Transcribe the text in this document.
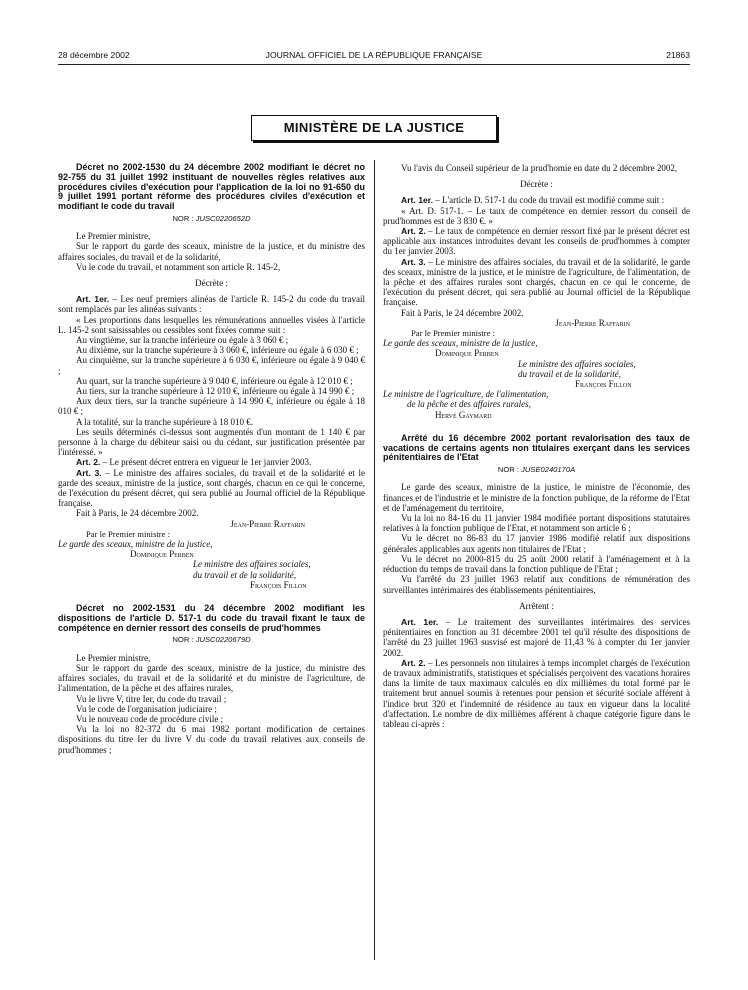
28 décembre 2002	JOURNAL OFFICIEL DE LA RÉPUBLIQUE FRANÇAISE	21863
MINISTÈRE DE LA JUSTICE

Décret no 2002-1530 du 24 décembre 2002 modifiant le décret no 92-755 du 31 juillet 1992 instituant de nouvelles règles relatives aux procédures civiles d'exécution pour l'application de la loi no 91-650 du 9 juillet 1991 portant réforme des procédures civiles d'exécution et modifiant le code du travail

NOR : JUSC0220652D

Le Premier ministre,

Sur le rapport du garde des sceaux, ministre de la justice, et du ministre des affaires sociales, du travail et de la solidarité,

Vu le code du travail, et notamment son article R. 145-2,

Décrète :

Art. 1er. – Les neuf premiers alinéas de l'article R. 145-2 du code du travail sont remplacés par les alinéas suivants :

« Les proportions dans lesquelles les rémunérations annuelles visées à l'article L. 145-2 sont saisissables ou cessibles sont fixées comme suit :

Au vingtième, sur la tranche inférieure ou égale à 3 060 € ;

Au dixième, sur la tranche supérieure à 3 060 €, inférieure ou égale à 6 030 € ;

Au cinquième, sur la tranche supérieure à 6 030 €, inférieure ou égale à 9 040 € ;

Au quart, sur la tranche supérieure à 9 040 €, inférieure ou égale à 12 010 € ;

Au tiers, sur la tranche supérieure à 12 010 €, inférieure ou égale à 14 990 € ;

Aux deux tiers, sur la tranche supérieure à 14 990 €, inférieure ou égale à 18 010 € ;

A la totalité, sur la tranche supérieure à 18 010 €.

Les seuils déterminés ci-dessus sont augmentés d'un montant de 1 140 € par personne à la charge du débiteur saisi ou du cédant, sur justification présentée par l'intéressé. »

Art. 2. – Le présent décret entrera en vigueur le 1er janvier 2003.

Art. 3. – Le ministre des affaires sociales, du travail et de la solidarité et le garde des sceaux, ministre de la justice, sont chargés, chacun en ce qui le concerne, de l'exécution du présent décret, qui sera publié au Journal officiel de la République française.

Fait à Paris, le 24 décembre 2002.

Jean-Pierre Raffarin

Par le Premier ministre :

Le garde des sceaux, ministre de la justice,

Dominique Perben

Le ministre des affaires sociales,

du travail et de la solidarité,

François Fillon

Décret no 2002-1531 du 24 décembre 2002 modifiant les dispositions de l'article D. 517-1 du code du travail fixant le taux de compétence en dernier ressort des conseils de prud'hommes

NOR : JUSC0220679D

Le Premier ministre,

Sur le rapport du garde des sceaux, ministre de la justice, du ministre des affaires sociales, du travail et de la solidarité et du ministre de l'agriculture, de l'alimentation, de la pêche et des affaires rurales,

Vu le livre V, titre Ier, du code du travail ;

Vu le code de l'organisation judiciaire ;

Vu le nouveau code de procédure civile ;

Vu la loi no 82-372 du 6 mai 1982 portant modification de certaines dispositions du titre Ier du livre V du code du travail relatives aux conseils de prud'hommes ;

Vu l'avis du Conseil supérieur de la prud'homie en date du 2 décembre 2002,

Décrète :

Art. 1er. – L'article D. 517-1 du code du travail est modifié comme suit :

« Art. D. 517-1. – Le taux de compétence en dernier ressort du conseil de prud'hommes est de 3 830 €. »

Art. 2. – Le taux de compétence en dernier ressort fixé par le présent décret est applicable aux instances introduites devant les conseils de prud'hommes à compter du 1er janvier 2003.

Art. 3. – Le ministre des affaires sociales, du travail et de la solidarité, le garde des sceaux, ministre de la justice, et le ministre de l'agriculture, de l'alimentation, de la pêche et des affaires rurales sont chargés, chacun en ce qui le concerne, de l'exécution du présent décret, qui sera publié au Journal officiel de la République française.

Fait à Paris, le 24 décembre 2002.

Jean-Pierre Raffarin

Par le Premier ministre :

Le garde des sceaux, ministre de la justice,

Dominique Perben

Le ministre des affaires sociales,

du travail et de la solidarité,

François Fillon

Le ministre de l'agriculture, de l'alimentation,

de la pêche et des affaires rurales,

Hervé Gaymard

Arrêté du 16 décembre 2002 portant revalorisation des taux de vacations de certains agents non titulaires exerçant dans les services pénitentiaires de l'Etat

NOR : JUSE0240170A

Le garde des sceaux, ministre de la justice, le ministre de l'économie, des finances et de l'industrie et le ministre de la fonction publique, de la réforme de l'Etat et de l'aménagement du territoire,

Vu la loi no 84-16 du 11 janvier 1984 modifiée portant dispositions statutaires relatives à la fonction publique de l'Etat, et notamment son article 6 ;

Vu le décret no 86-83 du 17 janvier 1986 modifié relatif aux dispositions générales applicables aux agents non titulaires de l'Etat ;

Vu le décret no 2000-815 du 25 août 2000 relatif à l'aménagement et à la réduction du temps de travail dans la fonction publique de l'Etat ;

Vu l'arrêté du 23 juillet 1963 relatif aux conditions de rémunération des surveillantes intérimaires des établissements pénitentiaires,

Arrêtent :

Art. 1er. – Le traitement des surveillantes intérimaires des services pénitentiaires en fonction au 31 décembre 2001 tel qu'il résulte des dispositions de l'arrêté du 23 juillet 1963 susvisé est majoré de 11,43 % à compter du 1er janvier 2002.

Art. 2. – Les personnels non titulaires à temps incomplet chargés de l'exécution de travaux administratifs, statistiques et spécialisés perçoivent des vacations horaires dans la limite de taux maximaux calculés en dix millièmes du total formé par le traitement brut annuel soumis à retenues pour pension et sécurité sociale afférent à l'indice brut 320 et l'indemnité de résidence au taux en vigueur dans la localité d'affectation. Le nombre de dix millièmes afférent à chaque catégorie figure dans le tableau ci-après :
